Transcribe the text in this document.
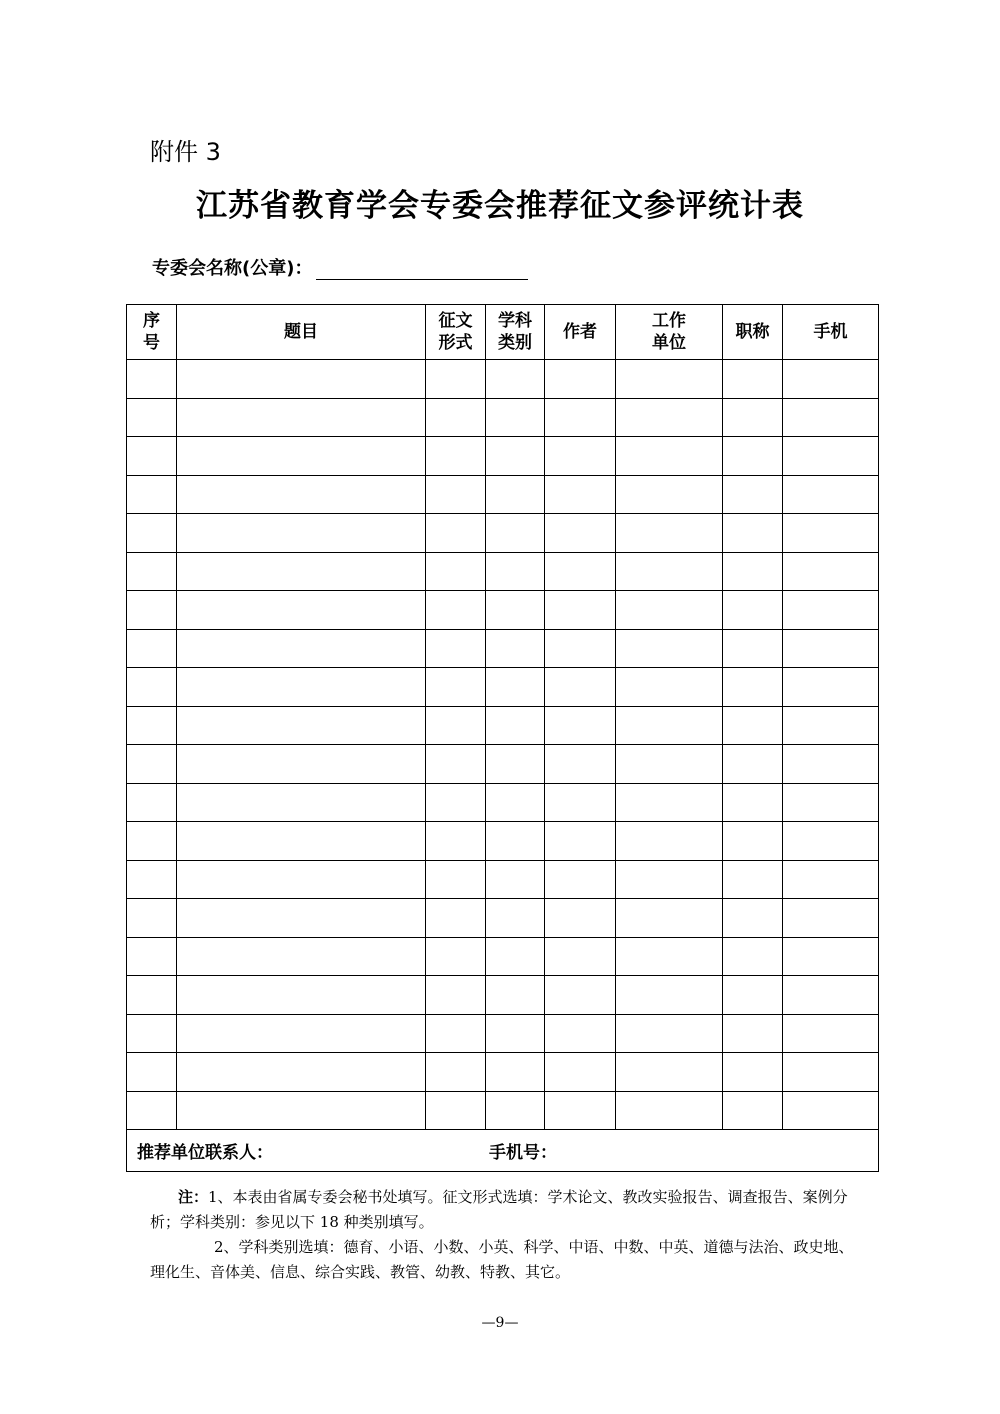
附件 3
江苏省教育学会专委会推荐征文参评统计表
专委会名称(公章)：
序号	题目	征文形式	学科类别	作者	工作单位	职称	手机

推荐单位联系人： 手机号：							

注：1、本表由省属专委会秘书处填写。征文形式选填：学术论文、教改实验报告、调查报告、案例分析；学科类别：参见以下 18 种类别填写。

2、学科类别选填：德育、小语、小数、小英、科学、中语、中数、中英、道德与法治、政史地、理化生、音体美、信息、综合实践、教管、幼教、特教、其它。

—9—
